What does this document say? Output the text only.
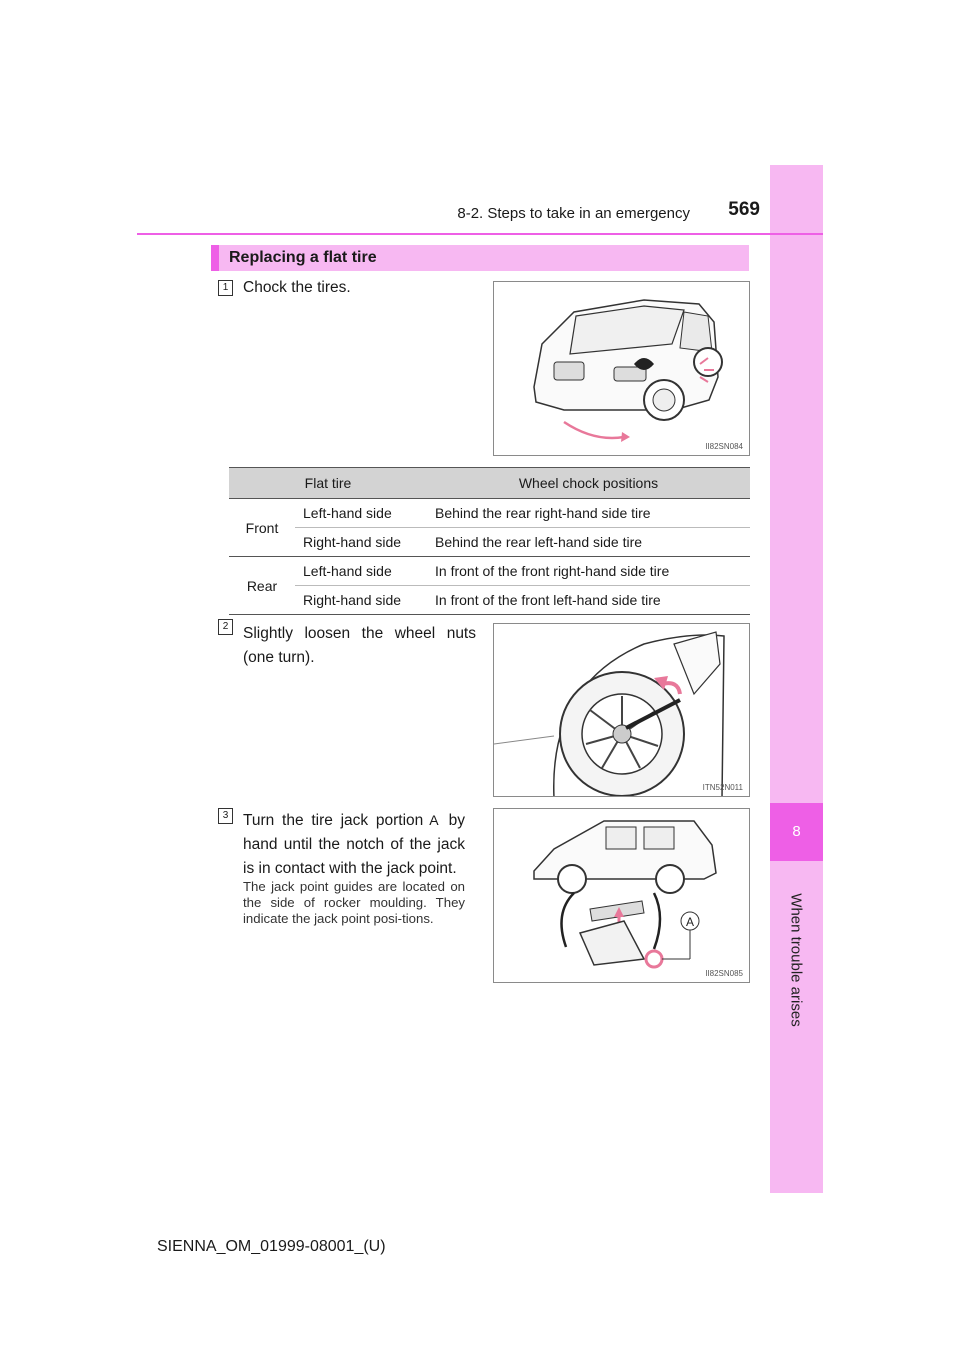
8
When trouble arises
8-2. Steps to take in an emergency	569
Replacing a flat tire
1 Chock the tires.
II82SN084
Flat tire		Wheel chock positions
Front	Left-hand side	Behind the rear right-hand side tire
	Right-hand side	Behind the rear left-hand side tire
Rear	Left-hand side	In front of the front right-hand side tire
	Right-hand side	In front of the front left-hand side tire
2 Slightly loosen the wheel nuts (one turn).
ITN52N011
3 Turn the tire jack portion A by hand until the notch of the jack is in contact with the jack point.
The jack point guides are located on the side of rocker moulding. They indicate the jack point posi-tions.	A
II82SN085
SIENNA_OM_01999-08001_(U)
